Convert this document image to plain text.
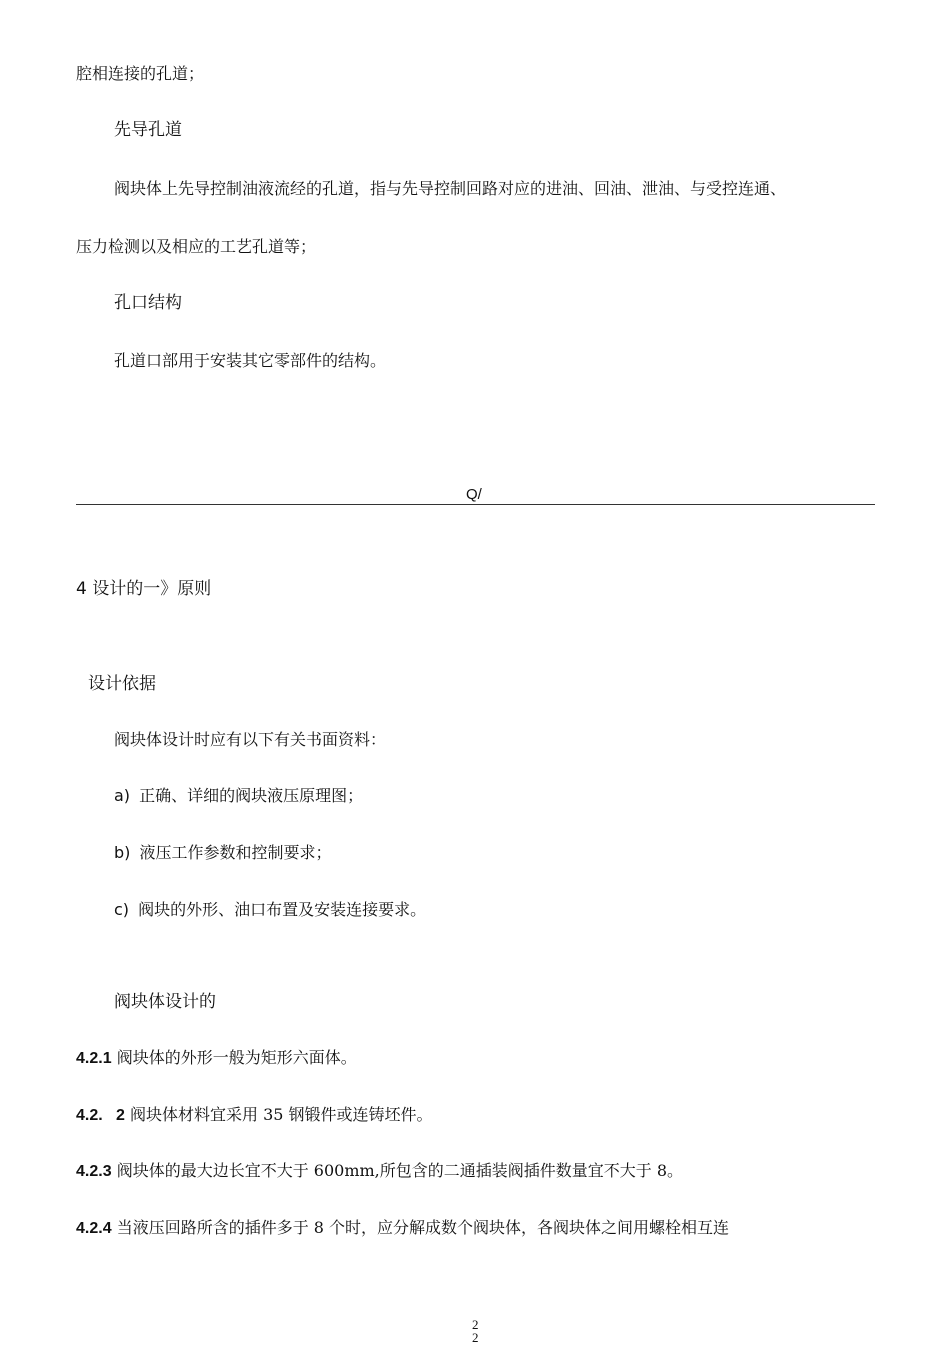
腔相连接的孔道；
先导孔道
阀块体上先导控制油液流经的孔道，指与先导控制回路对应的进油、回油、泄油、与受控连通、
压力检测以及相应的工艺孔道等；
孔口结构
孔道口部用于安装其它零部件的结构。
Q/
4 设计的一》原则
设计依据
阀块体设计时应有以下有关书面资料：
a) 正确、详细的阀块液压原理图；
b) 液压工作参数和控制要求；
c) 阀块的外形、油口布置及安装连接要求。
阀块体设计的
4.2.1 阀块体的外形一般为矩形六面体。
4.2.   2 阀块体材料宜采用 35 钢锻件或连铸坯件。
4.2.3 阀块体的最大边长宜不大于 600mm,所包含的二通插装阀插件数量宜不大于 8。
4.2.4 当液压回路所含的插件多于 8 个时，应分解成数个阀块体，各阀块体之间用螺栓相互连
2
2
